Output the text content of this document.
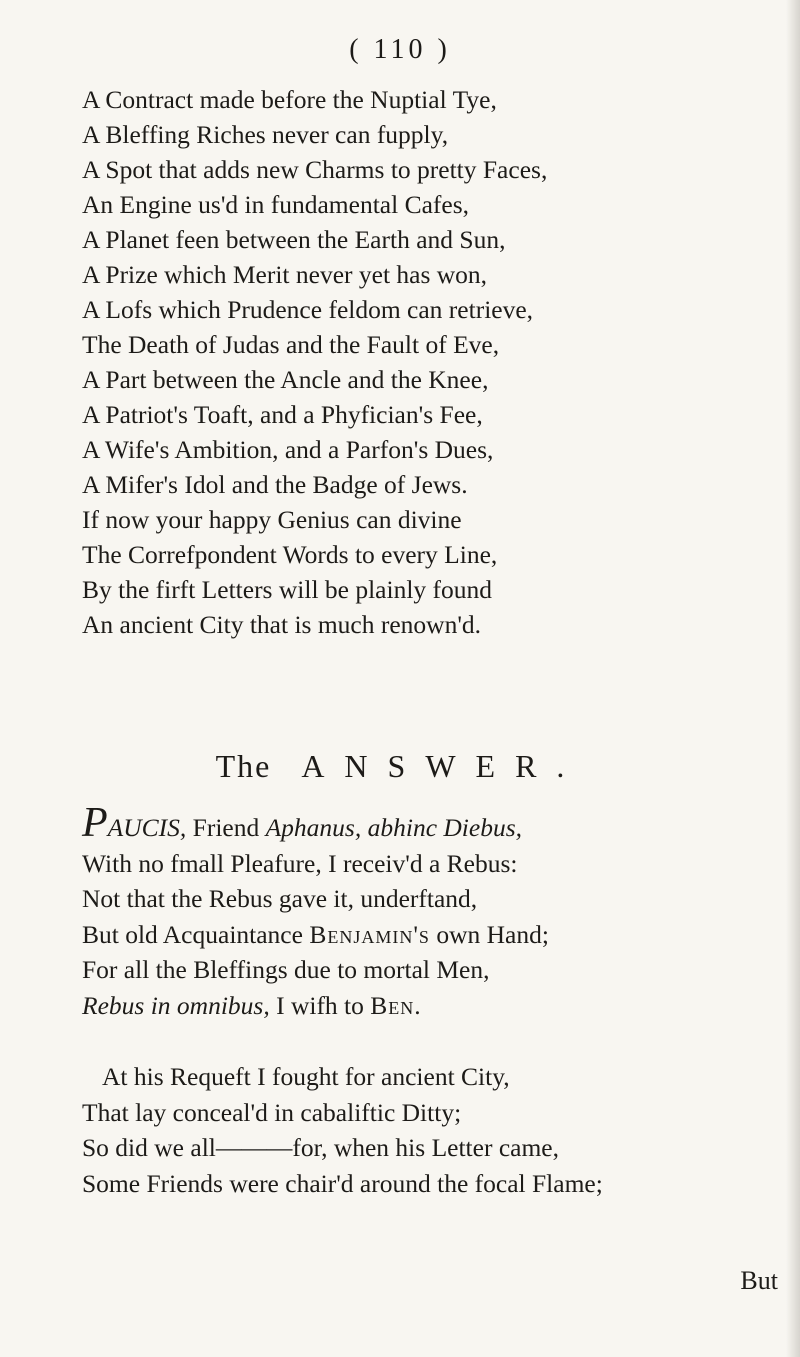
( 110 )
A Contract made before the Nuptial Tye,
A Bleffing Riches never can fupply,
A Spot that adds new Charms to pretty Faces,
An Engine us'd in fundamental Cafes,
A Planet feen between the Earth and Sun,
A Prize which Merit never yet has won,
A Lofs which Prudence feldom can retrieve,
The Death of Judas and the Fault of Eve,
A Part between the Ancle and the Knee,
A Patriot's Toaft, and a Phyfician's Fee,
A Wife's Ambition, and a Parfon's Dues,
A Mifer's Idol and the Badge of Jews.
If now your happy Genius can divine
The Correfpondent Words to every Line,
By the firft Letters will be plainly found
An ancient City that is much renown'd.
The ANSWER.
PAUCIS, Friend Aphanus, abhinc Diebus,
With no fmall Pleafure, I receiv'd a Rebus:
Not that the Rebus gave it, underftand,
But old Acquaintance Benjamin's own Hand;
For all the Bleffings due to mortal Men,
Rebus in omnibus, I wifh to Ben.
At his Requeft I fought for ancient City,
That lay conceal'd in cabaliftic Ditty;
So did we all———for, when his Letter came,
Some Friends were chair'd around the focal Flame;
But
